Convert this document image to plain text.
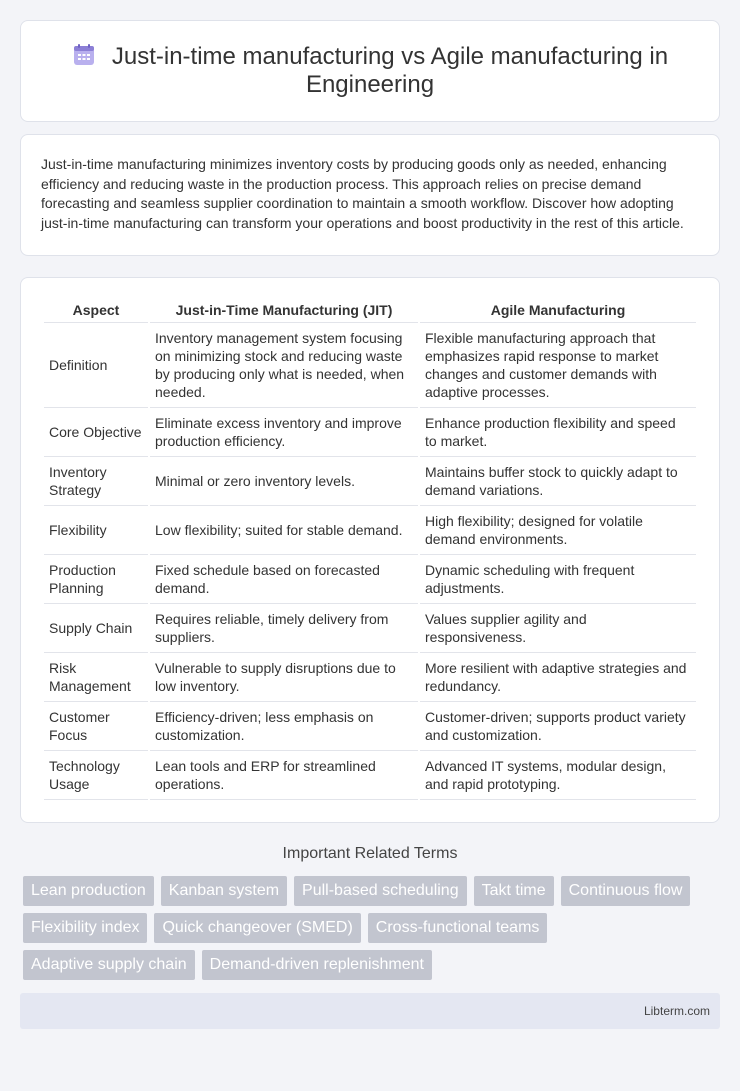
Just-in-time manufacturing vs Agile manufacturing in Engineering
Just-in-time manufacturing minimizes inventory costs by producing goods only as needed, enhancing efficiency and reducing waste in the production process. This approach relies on precise demand forecasting and seamless supplier coordination to maintain a smooth workflow. Discover how adopting just-in-time manufacturing can transform your operations and boost productivity in the rest of this article.
Aspect	Just-in-Time Manufacturing (JIT)	Agile Manufacturing
Definition	Inventory management system focusing on minimizing stock and reducing waste by producing only what is needed, when needed.	Flexible manufacturing approach that emphasizes rapid response to market changes and customer demands with adaptive processes.
Core Objective	Eliminate excess inventory and improve production efficiency.	Enhance production flexibility and speed to market.
Inventory Strategy	Minimal or zero inventory levels.	Maintains buffer stock to quickly adapt to demand variations.
Flexibility	Low flexibility; suited for stable demand.	High flexibility; designed for volatile demand environments.
Production Planning	Fixed schedule based on forecasted demand.	Dynamic scheduling with frequent adjustments.
Supply Chain	Requires reliable, timely delivery from suppliers.	Values supplier agility and responsiveness.
Risk Management	Vulnerable to supply disruptions due to low inventory.	More resilient with adaptive strategies and redundancy.
Customer Focus	Efficiency-driven; less emphasis on customization.	Customer-driven; supports product variety and customization.
Technology Usage	Lean tools and ERP for streamlined operations.	Advanced IT systems, modular design, and rapid prototyping.
Important Related Terms
Lean production	Kanban system	Pull-based scheduling	Takt time	Continuous flow
Flexibility index	Quick changeover (SMED)	Cross-functional teams
Adaptive supply chain	Demand-driven replenishment
Libterm.com
